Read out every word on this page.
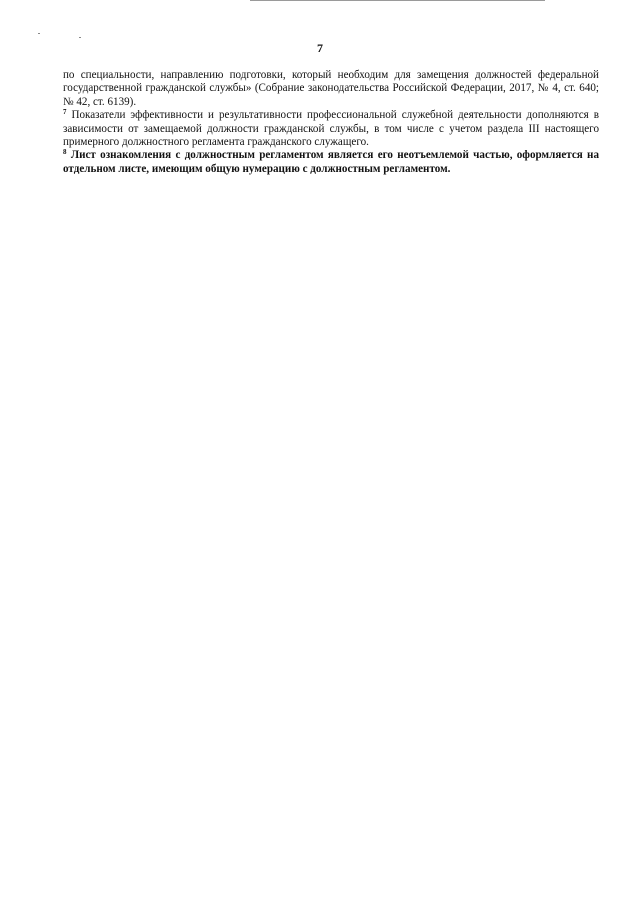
7

по специальности, направлению подготовки, который необходим для замещения должностей федеральной государственной гражданской службы» (Собрание законодательства Российской Федерации, 2017, № 4, ст. 640; № 42, ст. 6139).

$^7$ Показатели эффективности и результативности профессиональной служебной деятельности дополняются в зависимости от замещаемой должности гражданской службы, в том числе с учетом раздела III настоящего примерного должностного регламента гражданского служащего.

$^8$ Лист ознакомления с должностным регламентом является его неотъемлемой частью, оформляется на отдельном листе, имеющим общую нумерацию с должностным регламентом.
